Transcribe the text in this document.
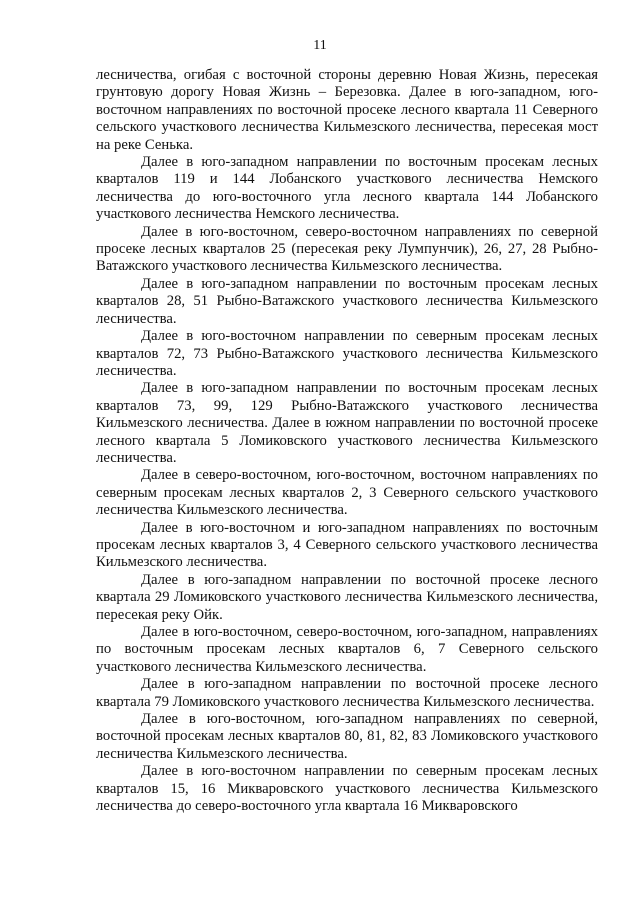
11

лесничества, огибая с восточной стороны деревню Новая Жизнь, пересекая грунтовую дорогу Новая Жизнь – Березовка. Далее в юго-западном, юго-восточном направлениях по восточной просеке лесного квартала 11 Северного сельского участкового лесничества Кильмезского лесничества, пересекая мост на реке Сенька.

Далее в юго-западном направлении по восточным просекам лесных кварталов 119 и 144 Лобанского участкового лесничества Немского лесничества до юго-восточного угла лесного квартала 144 Лобанского участкового лесничества Немского лесничества.

Далее в юго-восточном, северо-восточном направлениях по северной просеке лесных кварталов 25 (пересекая реку Лумпунчик), 26, 27, 28 Рыбно-Ватажского участкового лесничества Кильмезского лесничества.

Далее в юго-западном направлении по восточным просекам лесных кварталов 28, 51 Рыбно-Ватажского участкового лесничества Кильмезского лесничества.

Далее в юго-восточном направлении по северным просекам лесных кварталов 72, 73 Рыбно-Ватажского участкового лесничества Кильмезского лесничества.

Далее в юго-западном направлении по восточным просекам лесных кварталов 73, 99, 129 Рыбно-Ватажского участкового лесничества Кильмезского лесничества. Далее в южном направлении по восточной просеке лесного квартала 5 Ломиковского участкового лесничества Кильмезского лесничества.

Далее в северо-восточном, юго-восточном, восточном направлениях по северным просекам лесных кварталов 2, 3 Северного сельского участкового лесничества Кильмезского лесничества.

Далее в юго-восточном и юго-западном направлениях по восточным просекам лесных кварталов 3, 4 Северного сельского участкового лесничества Кильмезского лесничества.

Далее в юго-западном направлении по восточной просеке лесного квартала 29 Ломиковского участкового лесничества Кильмезского лесничества, пересекая реку Ойк.

Далее в юго-восточном, северо-восточном, юго-западном, направлениях по восточным просекам лесных кварталов 6, 7 Северного сельского участкового лесничества Кильмезского лесничества.

Далее в юго-западном направлении по восточной просеке лесного квартала 79 Ломиковского участкового лесничества Кильмезского лесничества.

Далее в юго-восточном, юго-западном направлениях по северной, восточной просекам лесных кварталов 80, 81, 82, 83 Ломиковского участкового лесничества Кильмезского лесничества.

Далее в юго-восточном направлении по северным просекам лесных кварталов 15, 16 Микваровского участкового лесничества Кильмезского лесничества до северо-восточного угла квартала 16 Микваровского
